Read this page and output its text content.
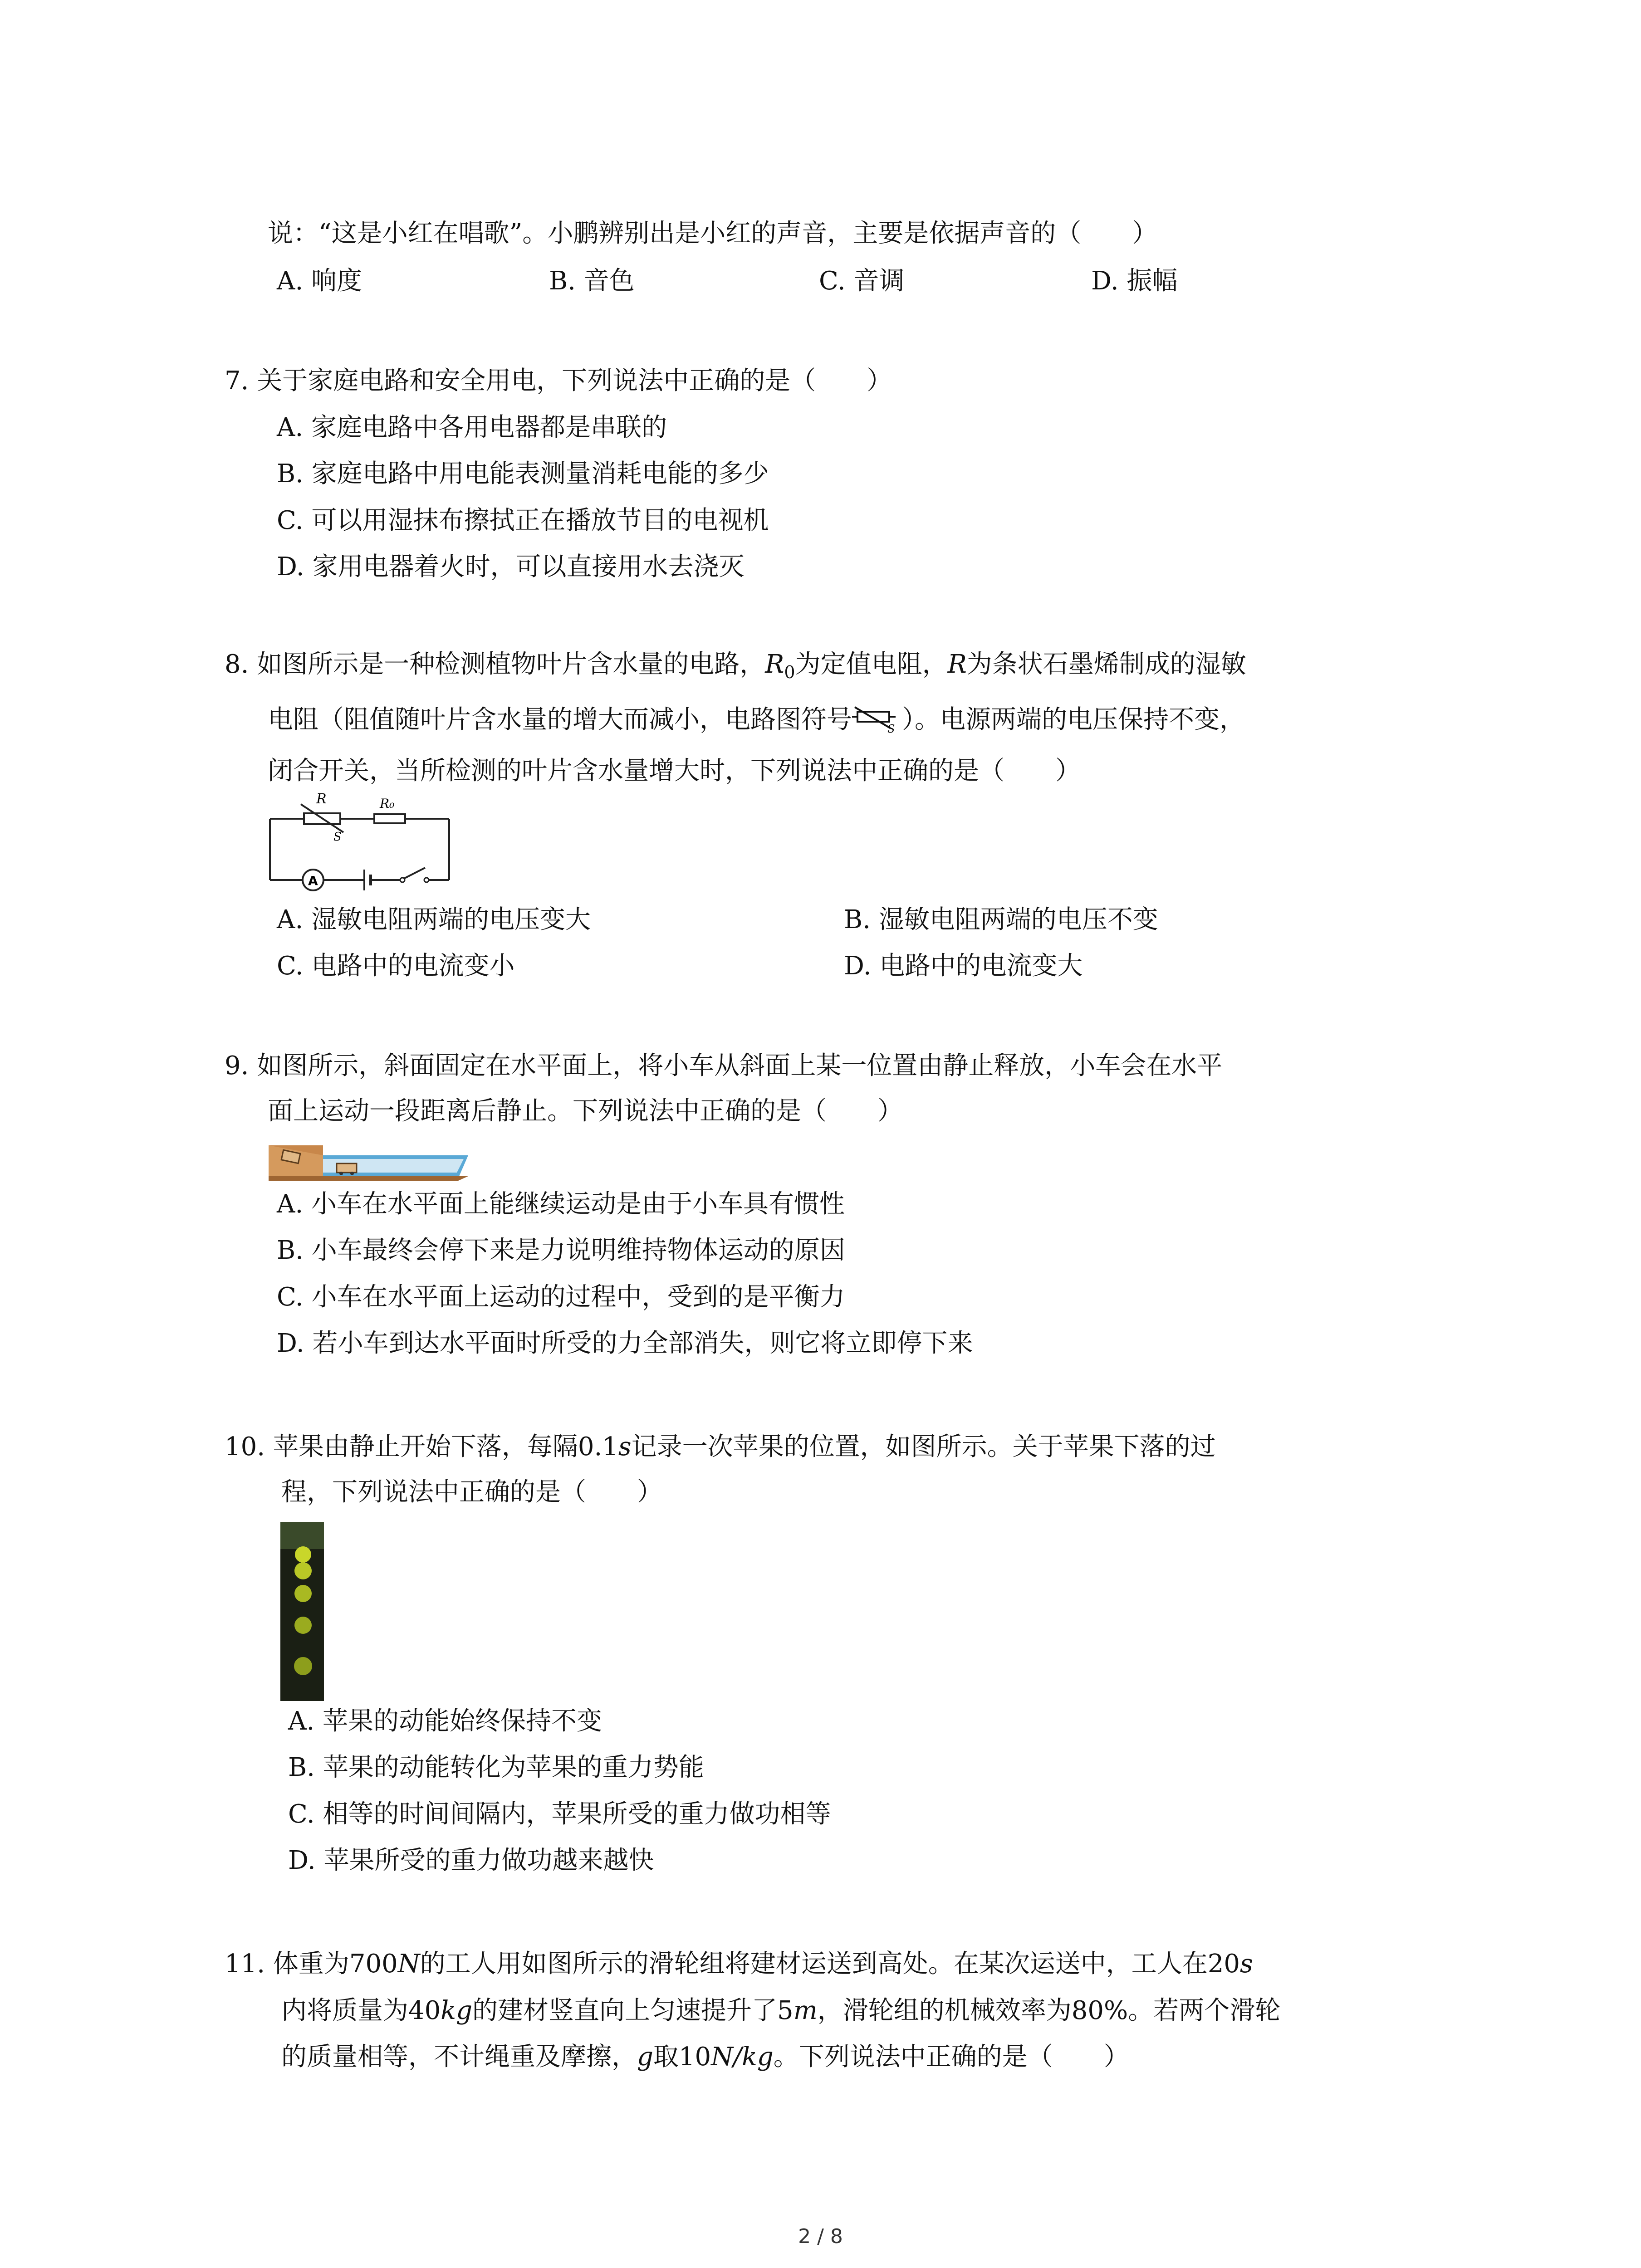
说：“这是小红在唱歌”。小鹏辨别出是小红的声音，主要是依据声音的（　　）
A. 响度	B. 音色	C. 音调	D. 振幅
7. 关于家庭电路和安全用电，下列说法中正确的是（　　）
A. 家庭电路中各用电器都是串联的
B. 家庭电路中用电能表测量消耗电能的多少
C. 可以用湿抹布擦拭正在播放节目的电视机
D. 家用电器着火时，可以直接用水去浇灭
8. 如图所示是一种检测植物叶片含水量的电路，$R_0$为定值电阻，R为条状石墨烯制成的湿敏
电阻（阻值随叶片含水量的增大而减小，电路图符号	S ）。电源两端的电压保持不变，
闭合开关，当所检测的叶片含水量增大时，下列说法中正确的是（　　）
R
S
R₀
A
A. 湿敏电阻两端的电压变大	B. 湿敏电阻两端的电压不变
C. 电路中的电流变小	D. 电路中的电流变大
9. 如图所示，斜面固定在水平面上，将小车从斜面上某一位置由静止释放，小车会在水平
面上运动一段距离后静止。下列说法中正确的是（　　）
A. 小车在水平面上能继续运动是由于小车具有惯性
B. 小车最终会停下来是力说明维持物体运动的原因
C. 小车在水平面上运动的过程中，受到的是平衡力
D. 若小车到达水平面时所受的力全部消失，则它将立即停下来
10. 苹果由静止开始下落，每隔0.1s记录一次苹果的位置，如图所示。关于苹果下落的过
程，下列说法中正确的是（　　）
A. 苹果的动能始终保持不变
B. 苹果的动能转化为苹果的重力势能
C. 相等的时间间隔内，苹果所受的重力做功相等
D. 苹果所受的重力做功越来越快
11. 体重为700N的工人用如图所示的滑轮组将建材运送到高处。在某次运送中，工人在20s
内将质量为40kg的建材竖直向上匀速提升了5m，滑轮组的机械效率为80%。若两个滑轮
的质量相等，不计绳重及摩擦，g取10N/kg。下列说法中正确的是（　　）
2 / 8
